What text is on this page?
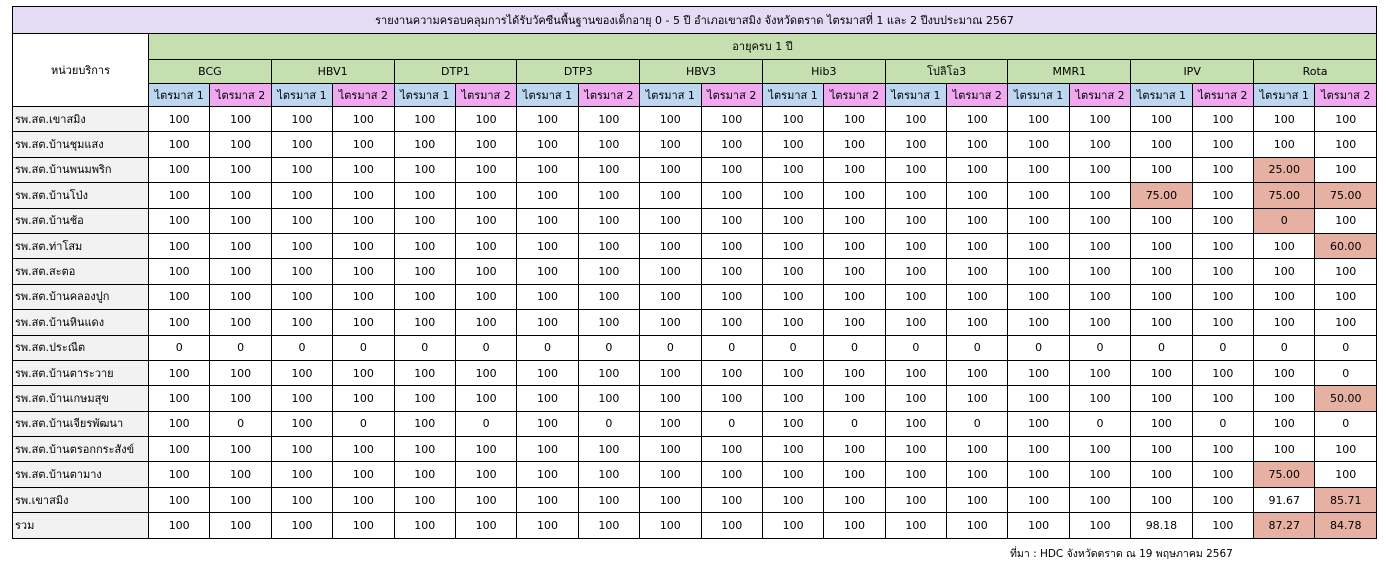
รายงานความครอบคลุมการได้รับวัคซีนพื้นฐานของเด็กอายุ 0 - 5 ปี อำเภอเขาสมิง จังหวัดตราด ไตรมาสที่ 1 และ 2 ปีงบประมาณ 2567																				
หน่วยบริการ	อายุครบ 1 ปี																			
	BCG		HBV1		DTP1		DTP3		HBV3		Hib3		โปลิโอ3		MMR1		IPV		Rota	
	ไตรมาส 1	ไตรมาส 2	ไตรมาส 1	ไตรมาส 2	ไตรมาส 1	ไตรมาส 2	ไตรมาส 1	ไตรมาส 2	ไตรมาส 1	ไตรมาส 2	ไตรมาส 1	ไตรมาส 2	ไตรมาส 1	ไตรมาส 2	ไตรมาส 1	ไตรมาส 2	ไตรมาส 1	ไตรมาส 2	ไตรมาส 1	ไตรมาส 2
รพ.สต.เขาสมิง	100	100	100	100	100	100	100	100	100	100	100	100	100	100	100	100	100	100	100	100
รพ.สต.บ้านชุมแสง	100	100	100	100	100	100	100	100	100	100	100	100	100	100	100	100	100	100	100	100
รพ.สต.บ้านพนมพริก	100	100	100	100	100	100	100	100	100	100	100	100	100	100	100	100	100	100	25.00	100
รพ.สต.บ้านโป่ง	100	100	100	100	100	100	100	100	100	100	100	100	100	100	100	100	75.00	100	75.00	75.00
รพ.สต.บ้านช้อ	100	100	100	100	100	100	100	100	100	100	100	100	100	100	100	100	100	100	0	100
รพ.สต.ท่าโสม	100	100	100	100	100	100	100	100	100	100	100	100	100	100	100	100	100	100	100	60.00
รพ.สต.สะตอ	100	100	100	100	100	100	100	100	100	100	100	100	100	100	100	100	100	100	100	100
รพ.สต.บ้านคลองปูก	100	100	100	100	100	100	100	100	100	100	100	100	100	100	100	100	100	100	100	100
รพ.สต.บ้านหินแดง	100	100	100	100	100	100	100	100	100	100	100	100	100	100	100	100	100	100	100	100
รพ.สต.ประณีต	0	0	0	0	0	0	0	0	0	0	0	0	0	0	0	0	0	0	0	0
รพ.สต.บ้านตาระวาย	100	100	100	100	100	100	100	100	100	100	100	100	100	100	100	100	100	100	100	0
รพ.สต.บ้านเกษมสุข	100	100	100	100	100	100	100	100	100	100	100	100	100	100	100	100	100	100	100	50.00
รพ.สต.บ้านเจียรพัฒนา	100	0	100	0	100	0	100	0	100	0	100	0	100	0	100	0	100	0	100	0
รพ.สต.บ้านตรอกกระสังข์	100	100	100	100	100	100	100	100	100	100	100	100	100	100	100	100	100	100	100	100
รพ.สต.บ้านตามาง	100	100	100	100	100	100	100	100	100	100	100	100	100	100	100	100	100	100	75.00	100
รพ.เขาสมิง	100	100	100	100	100	100	100	100	100	100	100	100	100	100	100	100	100	100	91.67	85.71
รวม	100	100	100	100	100	100	100	100	100	100	100	100	100	100	100	100	98.18	100	87.27	84.78
ที่มา : HDC จังหวัดตราด ณ 19 พฤษภาคม 2567
